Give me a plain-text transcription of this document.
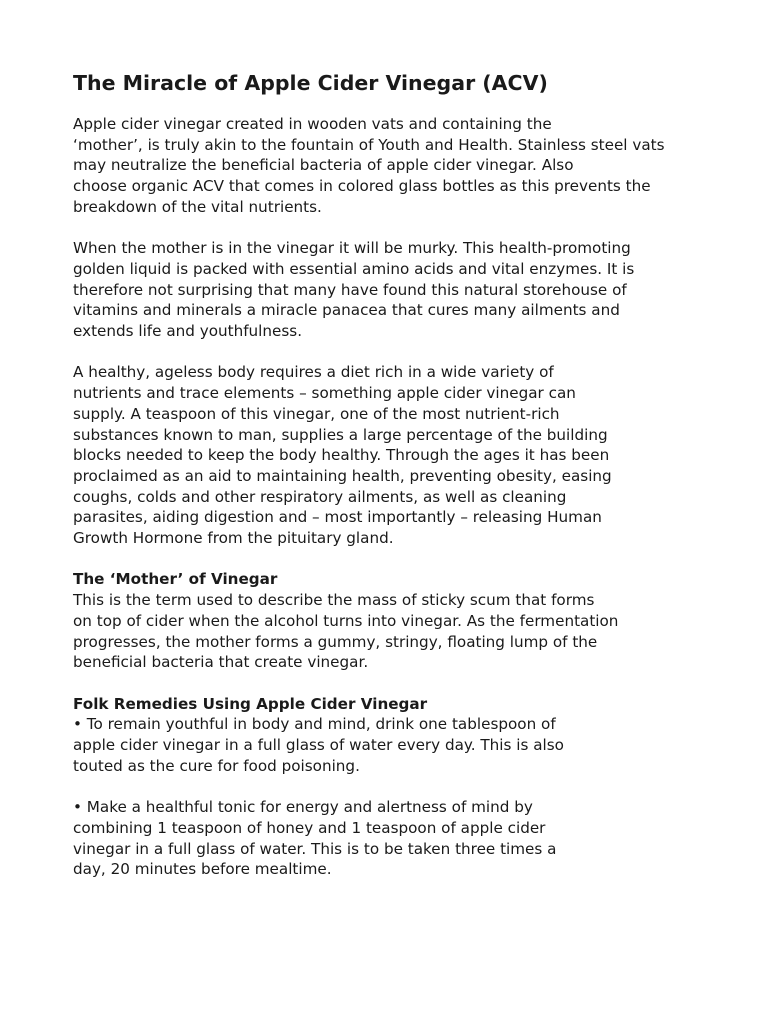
The Miracle of Apple Cider Vinegar (ACV)
Apple cider vinegar created in wooden vats and containing the
‘mother’, is truly akin to the fountain of Youth and Health. Stainless steel vats
may neutralize the beneficial bacteria of apple cider vinegar. Also
choose organic ACV that comes in colored glass bottles as this prevents the
breakdown of the vital nutrients.
When the mother is in the vinegar it will be murky. This health-promoting
golden liquid is packed with essential amino acids and vital enzymes. It is
therefore not surprising that many have found this natural storehouse of
vitamins and minerals a miracle panacea that cures many ailments and
extends life and youthfulness.
A healthy, ageless body requires a diet rich in a wide variety of
nutrients and trace elements – something apple cider vinegar can
supply. A teaspoon of this vinegar, one of the most nutrient-rich
substances known to man, supplies a large percentage of the building
blocks needed to keep the body healthy. Through the ages it has been
proclaimed as an aid to maintaining health, preventing obesity, easing
coughs, colds and other respiratory ailments, as well as cleaning
parasites, aiding digestion and – most importantly – releasing Human
Growth Hormone from the pituitary gland.
The ‘Mother’ of Vinegar
This is the term used to describe the mass of sticky scum that forms
on top of cider when the alcohol turns into vinegar. As the fermentation
progresses, the mother forms a gummy, stringy, floating lump of the
beneficial bacteria that create vinegar.
Folk Remedies Using Apple Cider Vinegar
• To remain youthful in body and mind, drink one tablespoon of
apple cider vinegar in a full glass of water every day. This is also
touted as the cure for food poisoning.
• Make a healthful tonic for energy and alertness of mind by
combining 1 teaspoon of honey and 1 teaspoon of apple cider
vinegar in a full glass of water. This is to be taken three times a
day, 20 minutes before mealtime.
